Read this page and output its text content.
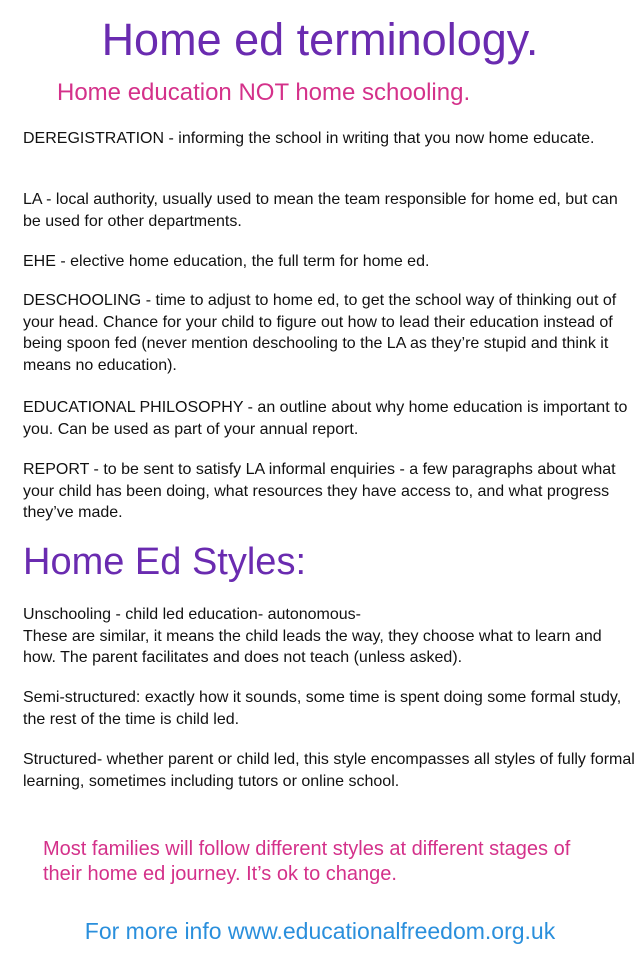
Home ed terminology.
Home education NOT home schooling.

DEREGISTRATION - informing the school in writing that you now home educate.

LA - local authority, usually used to mean the team responsible for home ed, but can be used for other departments.

EHE - elective home education, the full term for home ed.

DESCHOOLING - time to adjust to home ed, to get the school way of thinking out of your head. Chance for your child to figure out how to lead their education instead of being spoon fed (never mention deschooling to the LA as they’re stupid and think it means no education).

EDUCATIONAL PHILOSOPHY - an outline about why home education is important to you. Can be used as part of your annual report.

REPORT - to be sent to satisfy LA informal enquiries - a few paragraphs about what your child has been doing, what resources they have access to, and what progress they’ve made.

Home Ed Styles:
Unschooling - child led education- autonomous-
These are similar, it means the child leads the way, they choose what to learn and how. The parent facilitates and does not teach (unless asked).

Semi-structured: exactly how it sounds, some time is spent doing some formal study, the rest of the time is child led.

Structured- whether parent or child led, this style encompasses all styles of fully formal learning, sometimes including tutors or online school.

Most families will follow different styles at different stages of their home ed journey. It’s ok to change.

For more info www.educationalfreedom.org.uk
